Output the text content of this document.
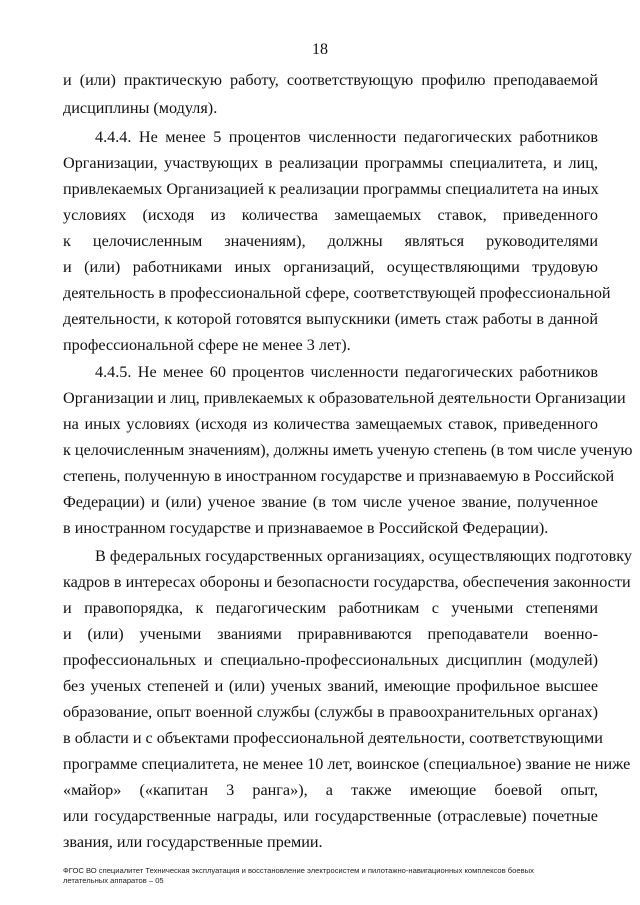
18
и (или) практическую работу, соответствующую профилю преподаваемой
дисциплины (модуля).
4.4.4. Не менее 5 процентов численности педагогических работников
Организации, участвующих в реализации программы специалитета, и лиц,
привлекаемых Организацией к реализации программы специалитета на иных
условиях (исходя из количества замещаемых ставок, приведенного
к целочисленным значениям), должны являться руководителями
и (или) работниками иных организаций, осуществляющими трудовую
деятельность в профессиональной сфере, соответствующей профессиональной
деятельности, к которой готовятся выпускники (иметь стаж работы в данной
профессиональной сфере не менее 3 лет).
4.4.5. Не менее 60 процентов численности педагогических работников
Организации и лиц, привлекаемых к образовательной деятельности Организации
на иных условиях (исходя из количества замещаемых ставок, приведенного
к целочисленным значениям), должны иметь ученую степень (в том числе ученую
степень, полученную в иностранном государстве и признаваемую в Российской
Федерации) и (или) ученое звание (в том числе ученое звание, полученное
в иностранном государстве и признаваемое в Российской Федерации).
В федеральных государственных организациях, осуществляющих подготовку
кадров в интересах обороны и безопасности государства, обеспечения законности
и правопорядка, к педагогическим работникам с учеными степенями
и (или) учеными званиями приравниваются преподаватели военно-
профессиональных и специально-профессиональных дисциплин (модулей)
без ученых степеней и (или) ученых званий, имеющие профильное высшее
образование, опыт военной службы (службы в правоохранительных органах)
в области и с объектами профессиональной деятельности, соответствующими
программе специалитета, не менее 10 лет, воинское (специальное) звание не ниже
«майор» («капитан 3 ранга»), а также имеющие боевой опыт,
или государственные награды, или государственные (отраслевые) почетные
звания, или государственные премии.
ФГОС ВО специалитет Техническая эксплуатация и восстановление электросистем и пилотажно-навигационных комплексов боевых
летательных аппаратов – 05
